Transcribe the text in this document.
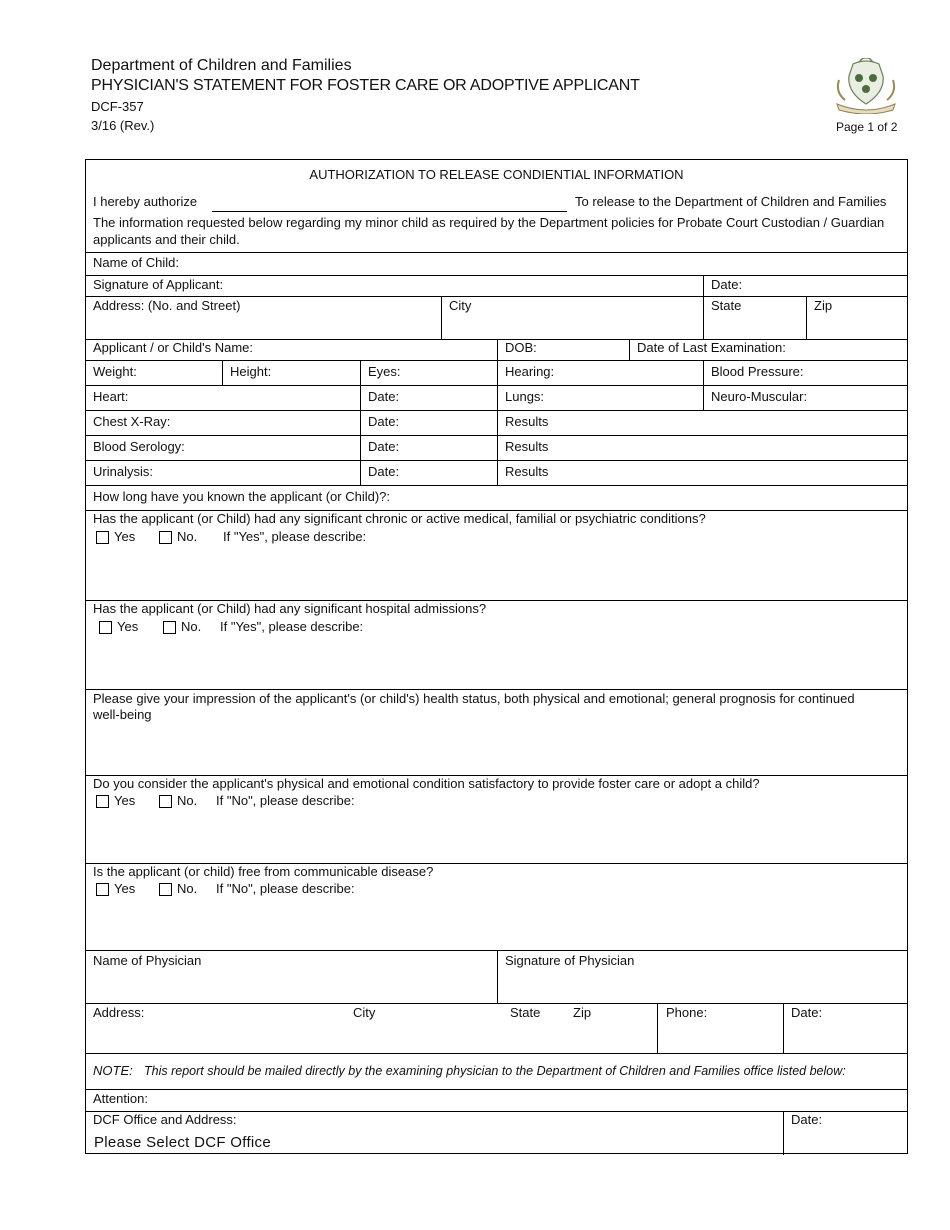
Department of Children and Families
PHYSICIAN'S STATEMENT FOR FOSTER CARE OR ADOPTIVE APPLICANT
DCF-357
3/16 (Rev.)	Page 1 of 2
AUTHORIZATION TO RELEASE CONDIENTIAL INFORMATION
I hereby authorize	To release to the Department of Children and Families
The information requested below regarding my minor child as required by the Department policies for Probate Court Custodian / Guardian applicants and their child.
Name of Child:
Signature of Applicant:	Date:
Address: (No. and Street)	City	State	Zip
Applicant / or Child's Name:	DOB:	Date of Last Examination:
Weight:	Height:	Eyes:	Hearing:	Blood Pressure:
Heart:	Date:	Lungs:	Neuro-Muscular:
Chest X-Ray:	Date:	Results
Blood Serology:	Date:	Results
Urinalysis:	Date:	Results
How long have you known the applicant (or Child)?:
Has the applicant (or Child) had any significant chronic or active medical, familial or psychiatric conditions?
Yes	No. If "Yes", please describe:
Has the applicant (or Child) had any significant hospital admissions?
Yes	No. If "Yes", please describe:
Please give your impression of the applicant's (or child's) health status, both physical and emotional; general prognosis for continued well-being
Do you consider the applicant's physical and emotional condition satisfactory to provide foster care or adopt a child?
Yes	No. If "No", please describe:
Is the applicant (or child) free from communicable disease?
Yes	No. If "No", please describe:
Name of Physician	Signature of Physician
Address:	City	State	Zip	Phone:	Date:
NOTE: This report should be mailed directly by the examining physician to the Department of Children and Families office listed below:
Attention:
DCF Office and Address:
Please Select DCF Office
Date:
